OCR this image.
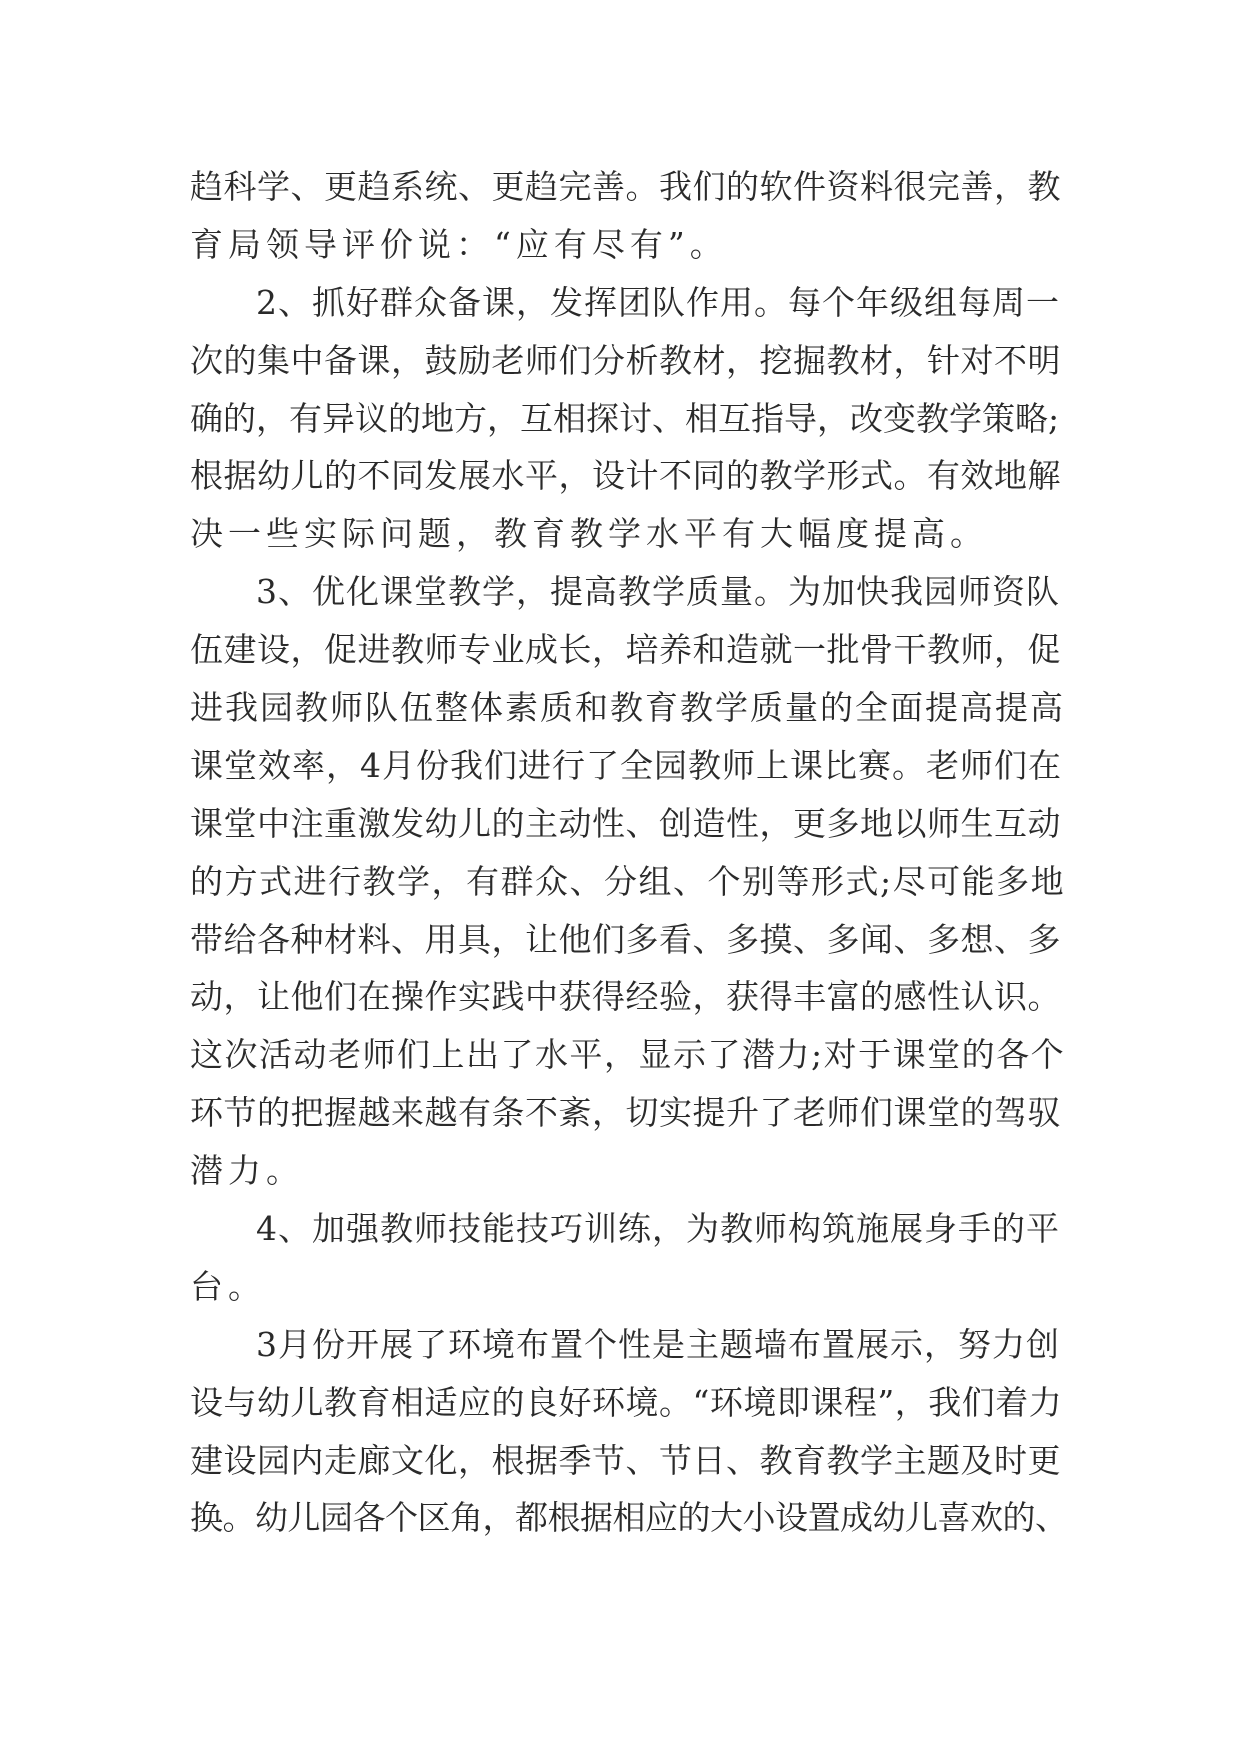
趋科学、更趋系统、更趋完善。我们的软件资料很完善，教
育局领导评价说：“应有尽有”。
2、抓好群众备课，发挥团队作用。每个年级组每周一
次的集中备课，鼓励老师们分析教材，挖掘教材，针对不明
确的，有异议的地方，互相探讨、相互指导，改变教学策略;
根据幼儿的不同发展水平，设计不同的教学形式。有效地解
决一些实际问题，教育教学水平有大幅度提高。
3、优化课堂教学，提高教学质量。为加快我园师资队
伍建设，促进教师专业成长，培养和造就一批骨干教师，促
进我园教师队伍整体素质和教育教学质量的全面提高提高
课堂效率，4月份我们进行了全园教师上课比赛。老师们在
课堂中注重激发幼儿的主动性、创造性，更多地以师生互动
的方式进行教学，有群众、分组、个别等形式;尽可能多地
带给各种材料、用具，让他们多看、多摸、多闻、多想、多
动，让他们在操作实践中获得经验，获得丰富的感性认识。
这次活动老师们上出了水平，显示了潜力;对于课堂的各个
环节的把握越来越有条不紊，切实提升了老师们课堂的驾驭
潜力。
4、加强教师技能技巧训练，为教师构筑施展身手的平
台。
3月份开展了环境布置个性是主题墙布置展示，努力创
设与幼儿教育相适应的良好环境。“环境即课程”，我们着力
建设园内走廊文化，根据季节、节日、教育教学主题及时更
换。幼儿园各个区角，都根据相应的大小设置成幼儿喜欢的、
